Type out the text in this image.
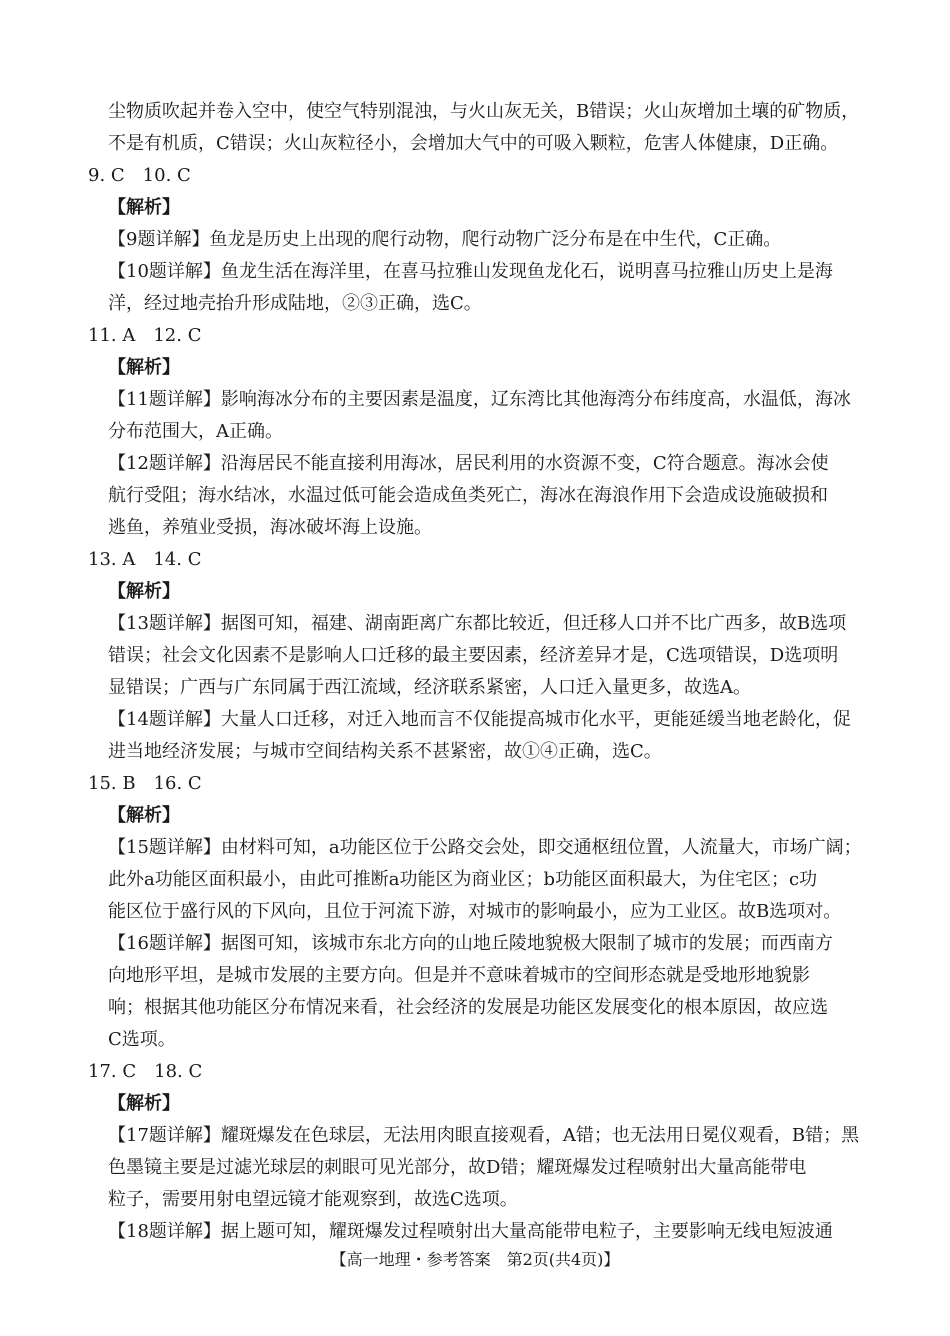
尘物质吹起并卷入空中，使空气特别混浊，与火山灰无关，B错误；火山灰增加土壤的矿物质，
不是有机质，C错误；火山灰粒径小，会增加大气中的可吸入颗粒，危害人体健康，D正确。
9. C　10. C
【解析】
【9题详解】鱼龙是历史上出现的爬行动物，爬行动物广泛分布是在中生代，C正确。
【10题详解】鱼龙生活在海洋里，在喜马拉雅山发现鱼龙化石，说明喜马拉雅山历史上是海
洋，经过地壳抬升形成陆地，②③正确，选C。
11. A　12. C
【解析】
【11题详解】影响海冰分布的主要因素是温度，辽东湾比其他海湾分布纬度高，水温低，海冰
分布范围大，A正确。
【12题详解】沿海居民不能直接利用海冰，居民利用的水资源不变，C符合题意。海冰会使
航行受阻；海水结冰，水温过低可能会造成鱼类死亡，海冰在海浪作用下会造成设施破损和
逃鱼，养殖业受损，海冰破坏海上设施。
13. A　14. C
【解析】
【13题详解】据图可知，福建、湖南距离广东都比较近，但迁移人口并不比广西多，故B选项
错误；社会文化因素不是影响人口迁移的最主要因素，经济差异才是，C选项错误，D选项明
显错误；广西与广东同属于西江流域，经济联系紧密，人口迁入量更多，故选A。
【14题详解】大量人口迁移，对迁入地而言不仅能提高城市化水平，更能延缓当地老龄化，促
进当地经济发展；与城市空间结构关系不甚紧密，故①④正确，选C。
15. B　16. C
【解析】
【15题详解】由材料可知，a功能区位于公路交会处，即交通枢纽位置，人流量大，市场广阔；
此外a功能区面积最小，由此可推断a功能区为商业区；b功能区面积最大，为住宅区；c功
能区位于盛行风的下风向，且位于河流下游，对城市的影响最小，应为工业区。故B选项对。
【16题详解】据图可知，该城市东北方向的山地丘陵地貌极大限制了城市的发展；而西南方
向地形平坦，是城市发展的主要方向。但是并不意味着城市的空间形态就是受地形地貌影
响；根据其他功能区分布情况来看，社会经济的发展是功能区发展变化的根本原因，故应选
C选项。
17. C　18. C
【解析】
【17题详解】耀斑爆发在色球层，无法用肉眼直接观看，A错；也无法用日冕仪观看，B错；黑
色墨镜主要是过滤光球层的刺眼可见光部分，故D错；耀斑爆发过程喷射出大量高能带电
粒子，需要用射电望远镜才能观察到，故选C选项。
【18题详解】据上题可知，耀斑爆发过程喷射出大量高能带电粒子，主要影响无线电短波通
【高一地理・参考答案　第2页(共4页)】
